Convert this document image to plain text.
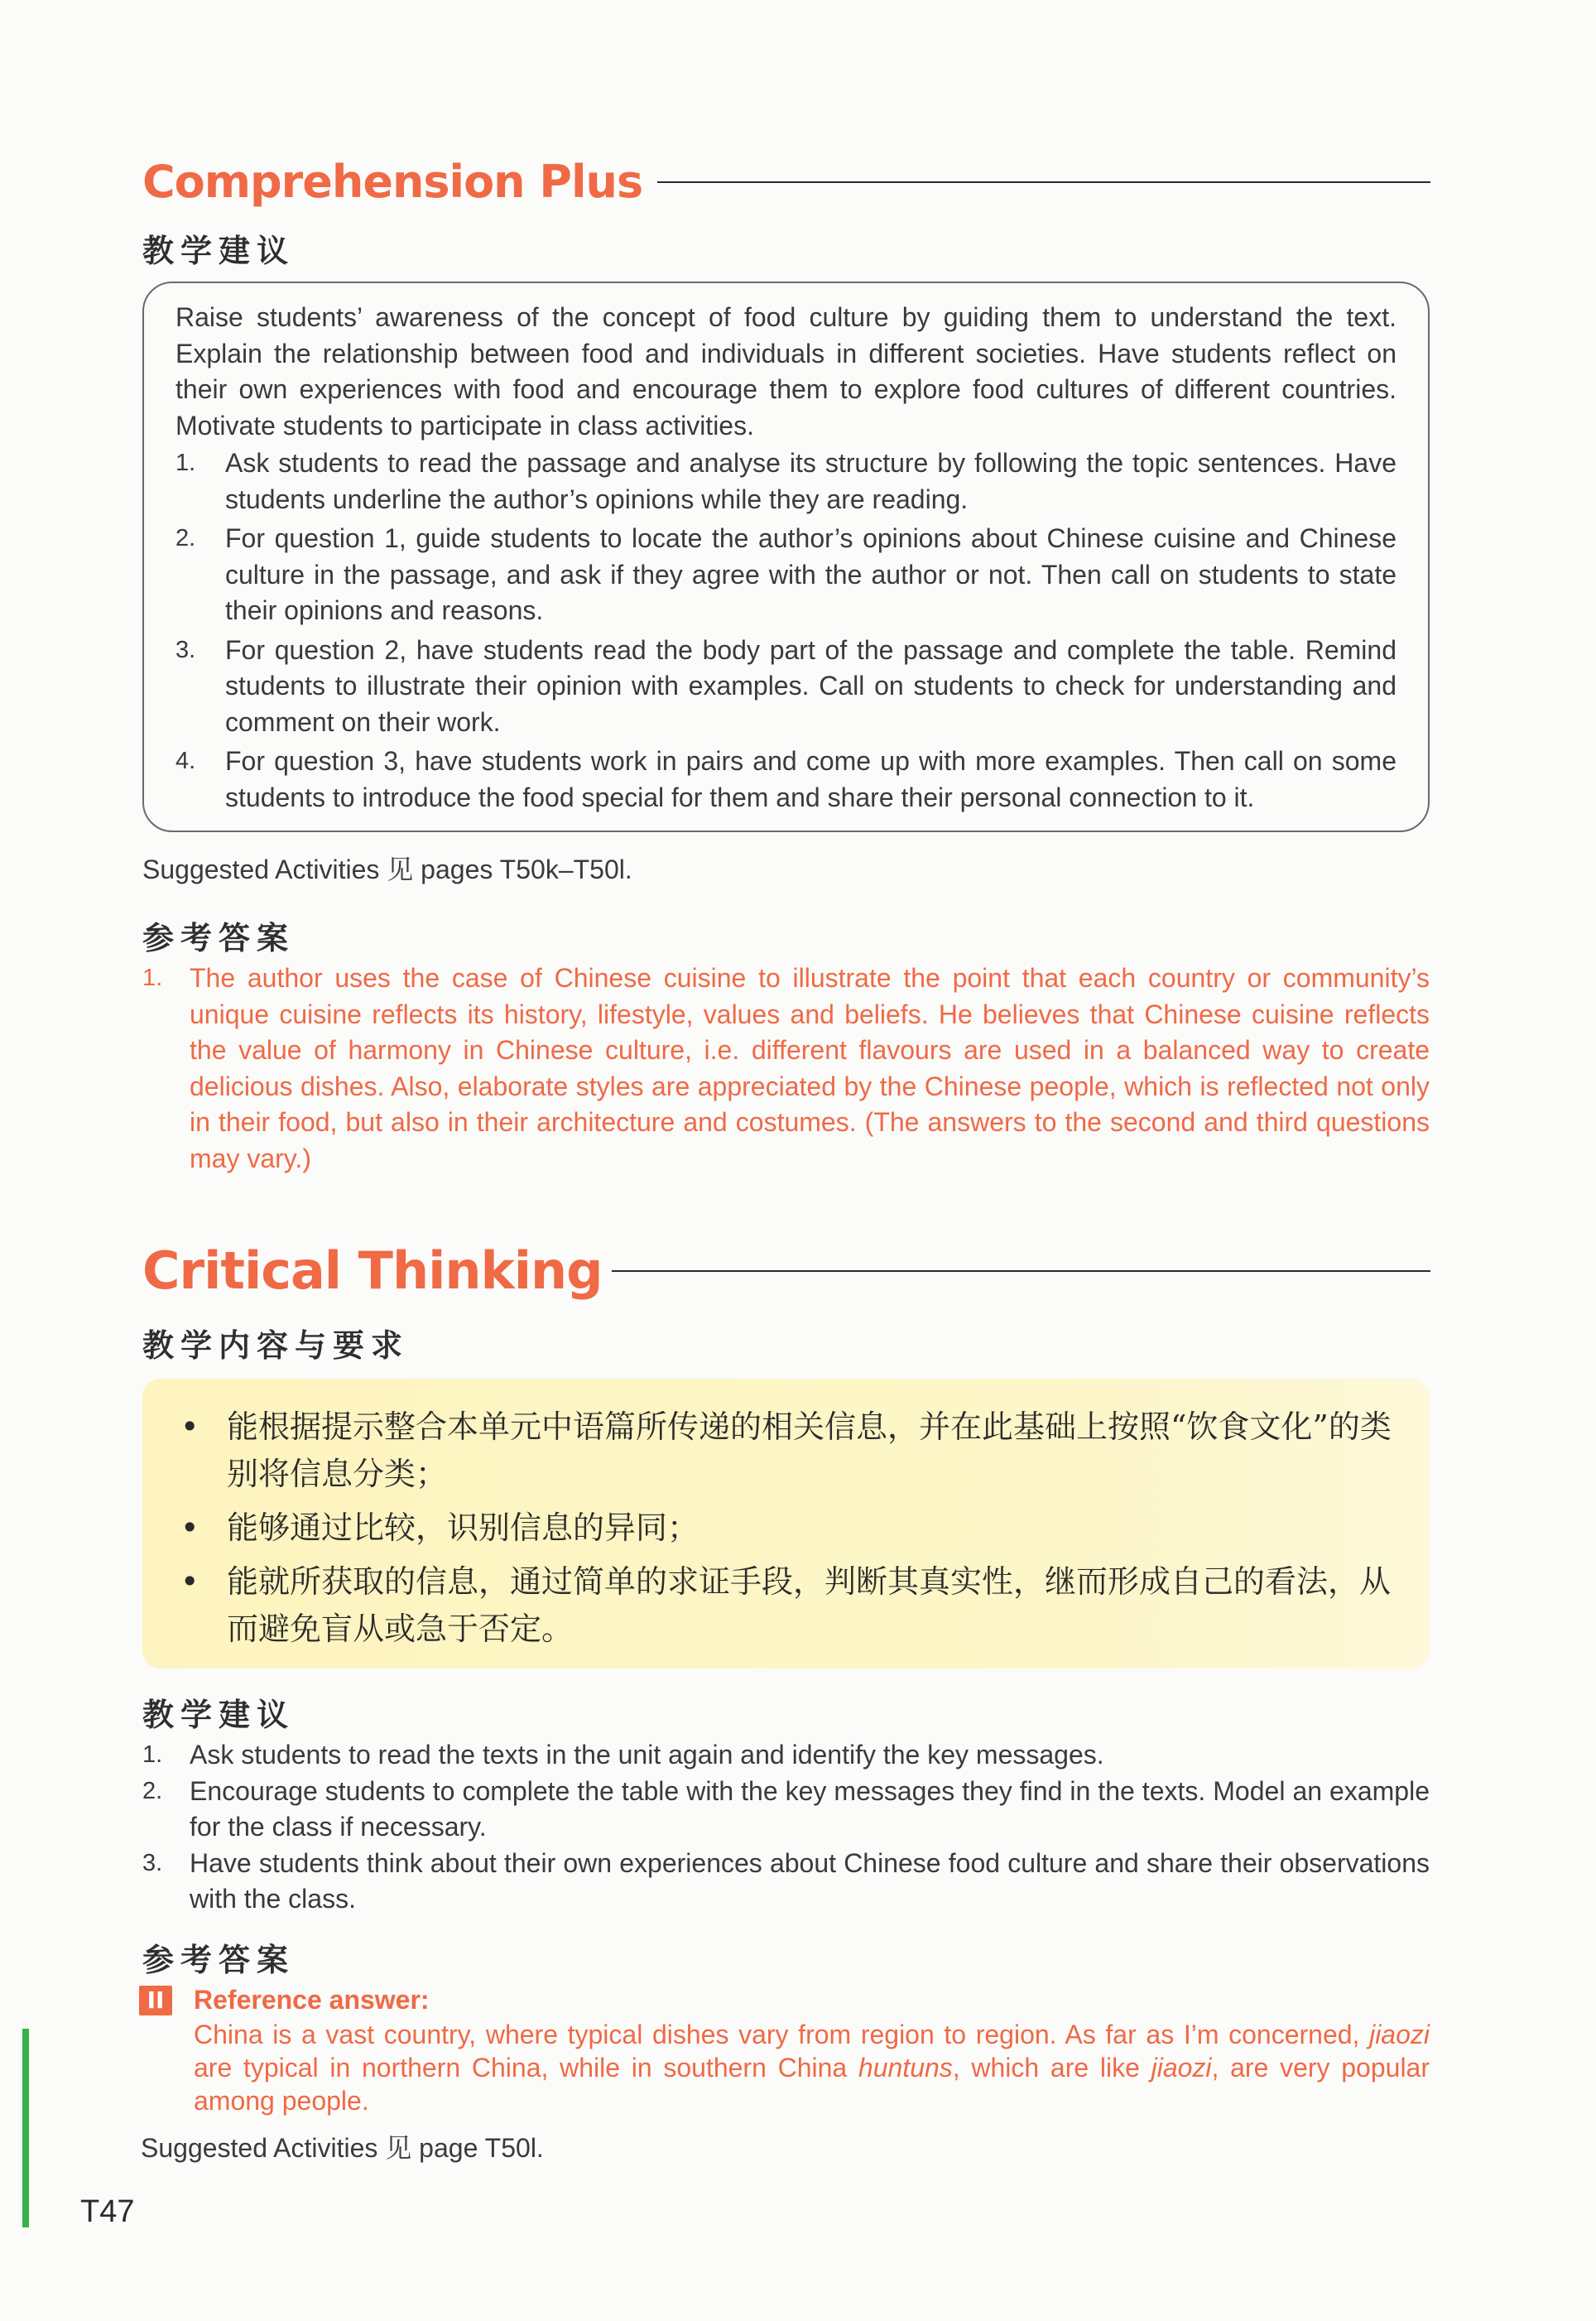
Comprehension Plus
教学建议

Raise students’ awareness of the concept of food culture by guiding them to understand the text. Explain the relationship between food and individuals in different societies. Have students reflect on their own experiences with food and encourage them to explore food cultures of different countries. Motivate students to participate in class activities.

1. Ask students to read the passage and analyse its structure by following the topic sentences. Have students underline the author’s opinions while they are reading.
2. For question 1, guide students to locate the author’s opinions about Chinese cuisine and Chinese culture in the passage, and ask if they agree with the author or not. Then call on students to state their opinions and reasons.
3. For question 2, have students read the body part of the passage and complete the table. Remind students to illustrate their opinion with examples. Call on students to check for understanding and comment on their work.
4. For question 3, have students work in pairs and come up with more examples. Then call on some students to introduce the food special for them and share their personal connection to it.
Suggested Activities 见 pages T50k–T50l.
参考答案
1.	The author uses the case of Chinese cuisine to illustrate the point that each country or community’s unique cuisine reflects its history, lifestyle, values and beliefs. He believes that Chinese cuisine reflects the value of harmony in Chinese culture, i.e. different flavours are used in a balanced way to create delicious dishes. Also, elaborate styles are appreciated by the Chinese people, which is reflected not only in their food, but also in their architecture and costumes. (The answers to the second and third questions may vary.)
Critical Thinking
教学内容与要求
• 能根据提示整合本单元中语篇所传递的相关信息，并在此基础上按照“饮食文化”的类别将信息分类；
• 能够通过比较，识别信息的异同；
• 能就所获取的信息，通过简单的求证手段，判断其真实性，继而形成自己的看法，从而避免盲从或急于否定。
教学建议
1. Ask students to read the texts in the unit again and identify the key messages.
2. Encourage students to complete the table with the key messages they find in the texts. Model an example for the class if necessary.
3. Have students think about their own experiences about Chinese food culture and share their observations with the class.
参考答案
II Reference answer:
China is a vast country, where typical dishes vary from region to region. As far as I’m concerned, jiaozi are typical in northern China, while in southern China huntuns, which are like jiaozi, are very popular among people.
Suggested Activities 见 page T50l.
T47
